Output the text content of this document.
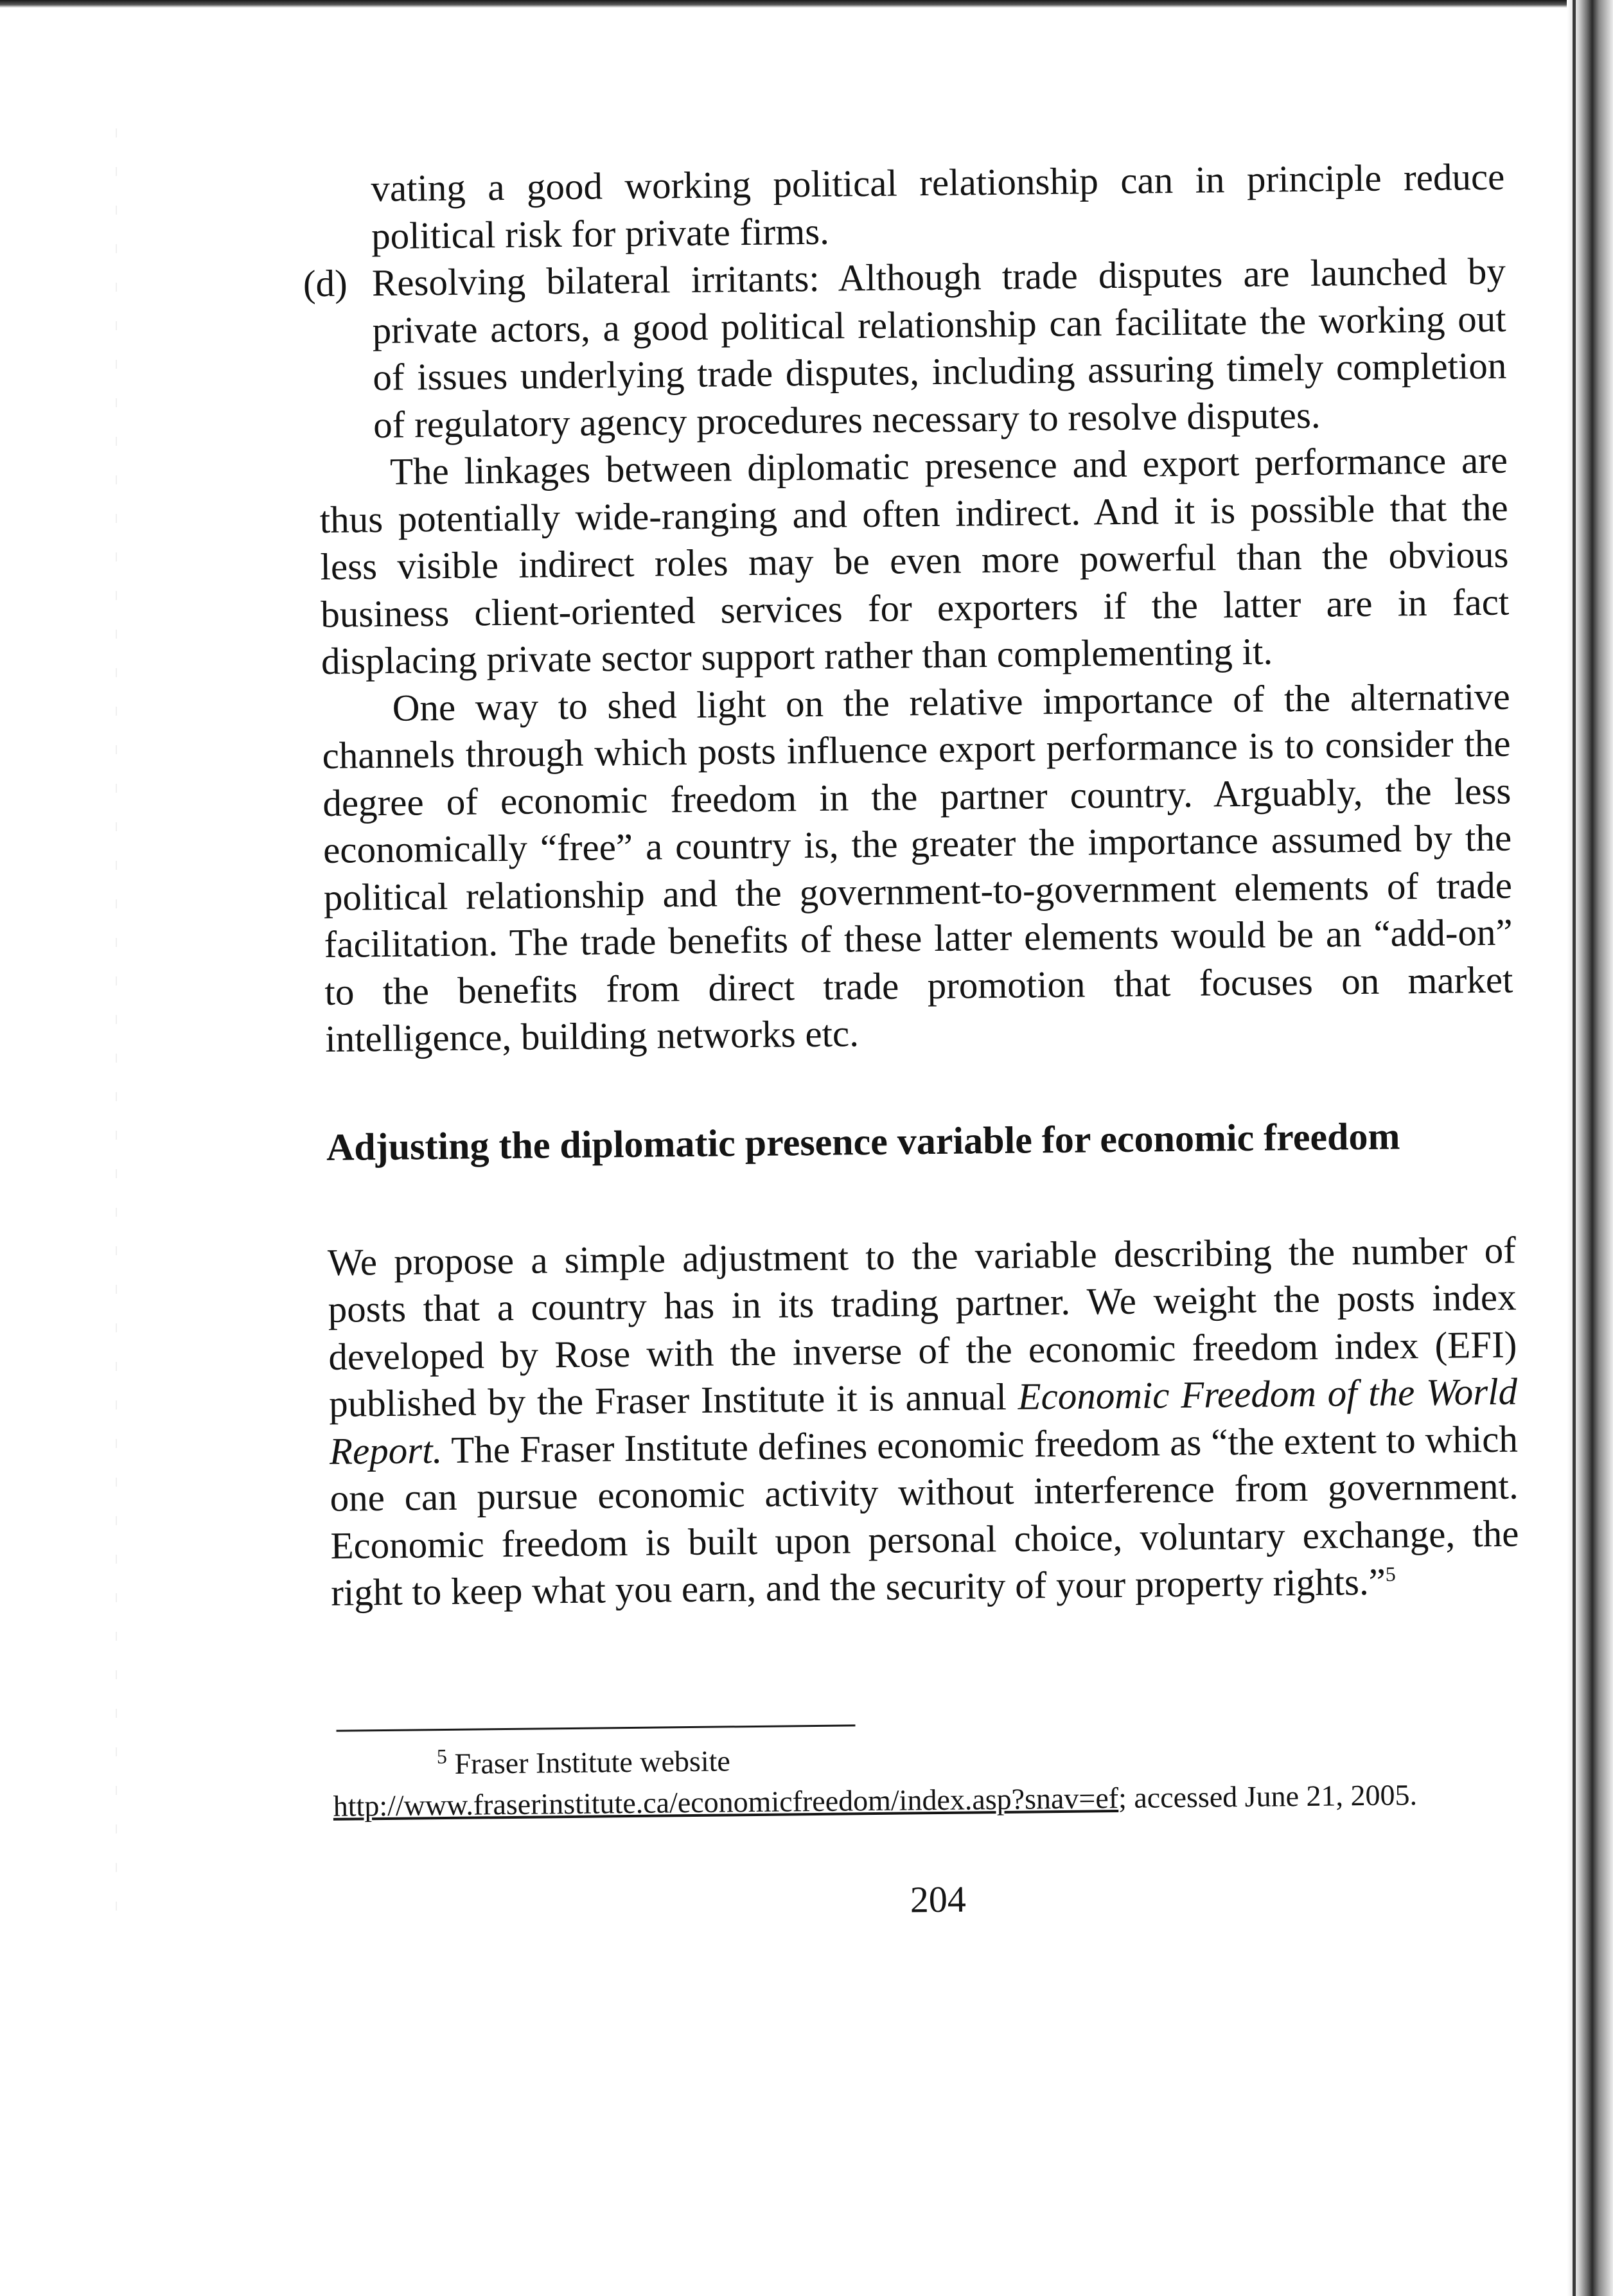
vating a good working political relationship can in principle reduce political risk for private firms.

(d) Resolving bilateral irritants: Although trade disputes are launched by private actors, a good political relationship can facilitate the working out of issues underlying trade disputes, including assuring timely completion of regulatory agency procedures necessary to resolve disputes.

The linkages between diplomatic presence and export performance are thus potentially wide-ranging and often indirect. And it is possible that the less visible indirect roles may be even more powerful than the obvious business client-oriented services for exporters if the latter are in fact displacing private sector support rather than complementing it.

One way to shed light on the relative importance of the alternative channels through which posts influence export performance is to consider the degree of economic freedom in the partner country. Arguably, the less economically “free” a country is, the greater the importance assumed by the political relationship and the government-to-government elements of trade facilitation. The trade benefits of these latter elements would be an “add-on” to the benefits from direct trade promotion that focuses on market intelligence, building networks etc.

Adjusting the diplomatic presence variable for economic freedom

We propose a simple adjustment to the variable describing the number of posts that a country has in its trading partner. We weight the posts index developed by Rose with the inverse of the economic freedom index (EFI) published by the Fraser Institute it is annual Economic Freedom of the World Report. The Fraser Institute defines economic freedom as “the extent to which one can pursue economic activity without interference from government. Economic freedom is built upon personal choice, voluntary exchange, the right to keep what you earn, and the security of your property rights.”$^5$

$^5$ Fraser Institute website
http://www.fraserinstitute.ca/economicfreedom/index.asp?snav=ef; accessed June 21, 2005.

204
